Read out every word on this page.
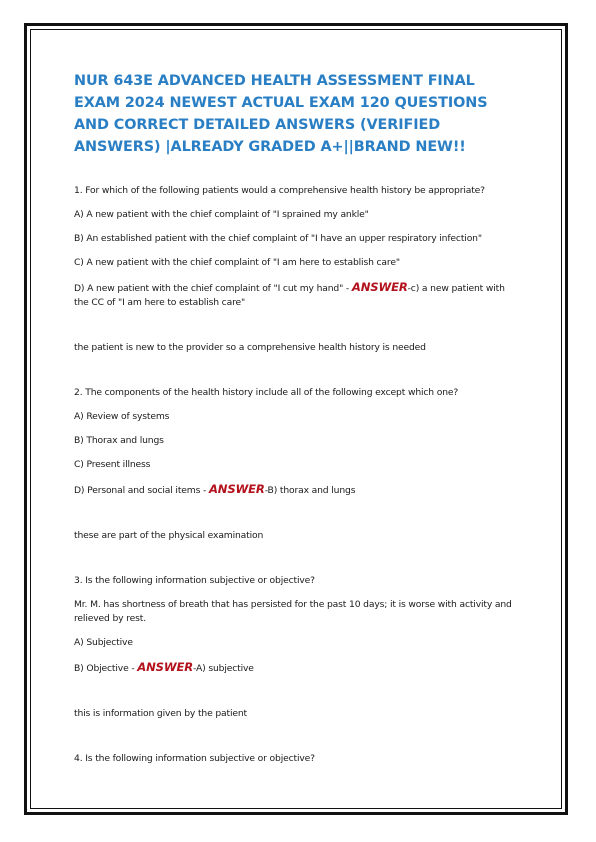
NUR 643E ADVANCED HEALTH ASSESSMENT FINAL EXAM 2024 NEWEST ACTUAL EXAM 120 QUESTIONS AND CORRECT DETAILED ANSWERS (VERIFIED ANSWERS) |ALREADY GRADED A+||BRAND NEW!!

1. For which of the following patients would a comprehensive health history be appropriate?

A) A new patient with the chief complaint of "I sprained my ankle"

B) An established patient with the chief complaint of "I have an upper respiratory infection"

C) A new patient with the chief complaint of "I am here to establish care"

D) A new patient with the chief complaint of "I cut my hand" - ANSWER-c) a new patient with the CC of "I am here to establish care"

the patient is new to the provider so a comprehensive health history is needed

2. The components of the health history include all of the following except which one?

A) Review of systems

B) Thorax and lungs

C) Present illness

D) Personal and social items - ANSWER-B) thorax and lungs

these are part of the physical examination

3. Is the following information subjective or objective?

Mr. M. has shortness of breath that has persisted for the past 10 days; it is worse with activity and relieved by rest.

A) Subjective

B) Objective - ANSWER-A) subjective

this is information given by the patient

4. Is the following information subjective or objective?
